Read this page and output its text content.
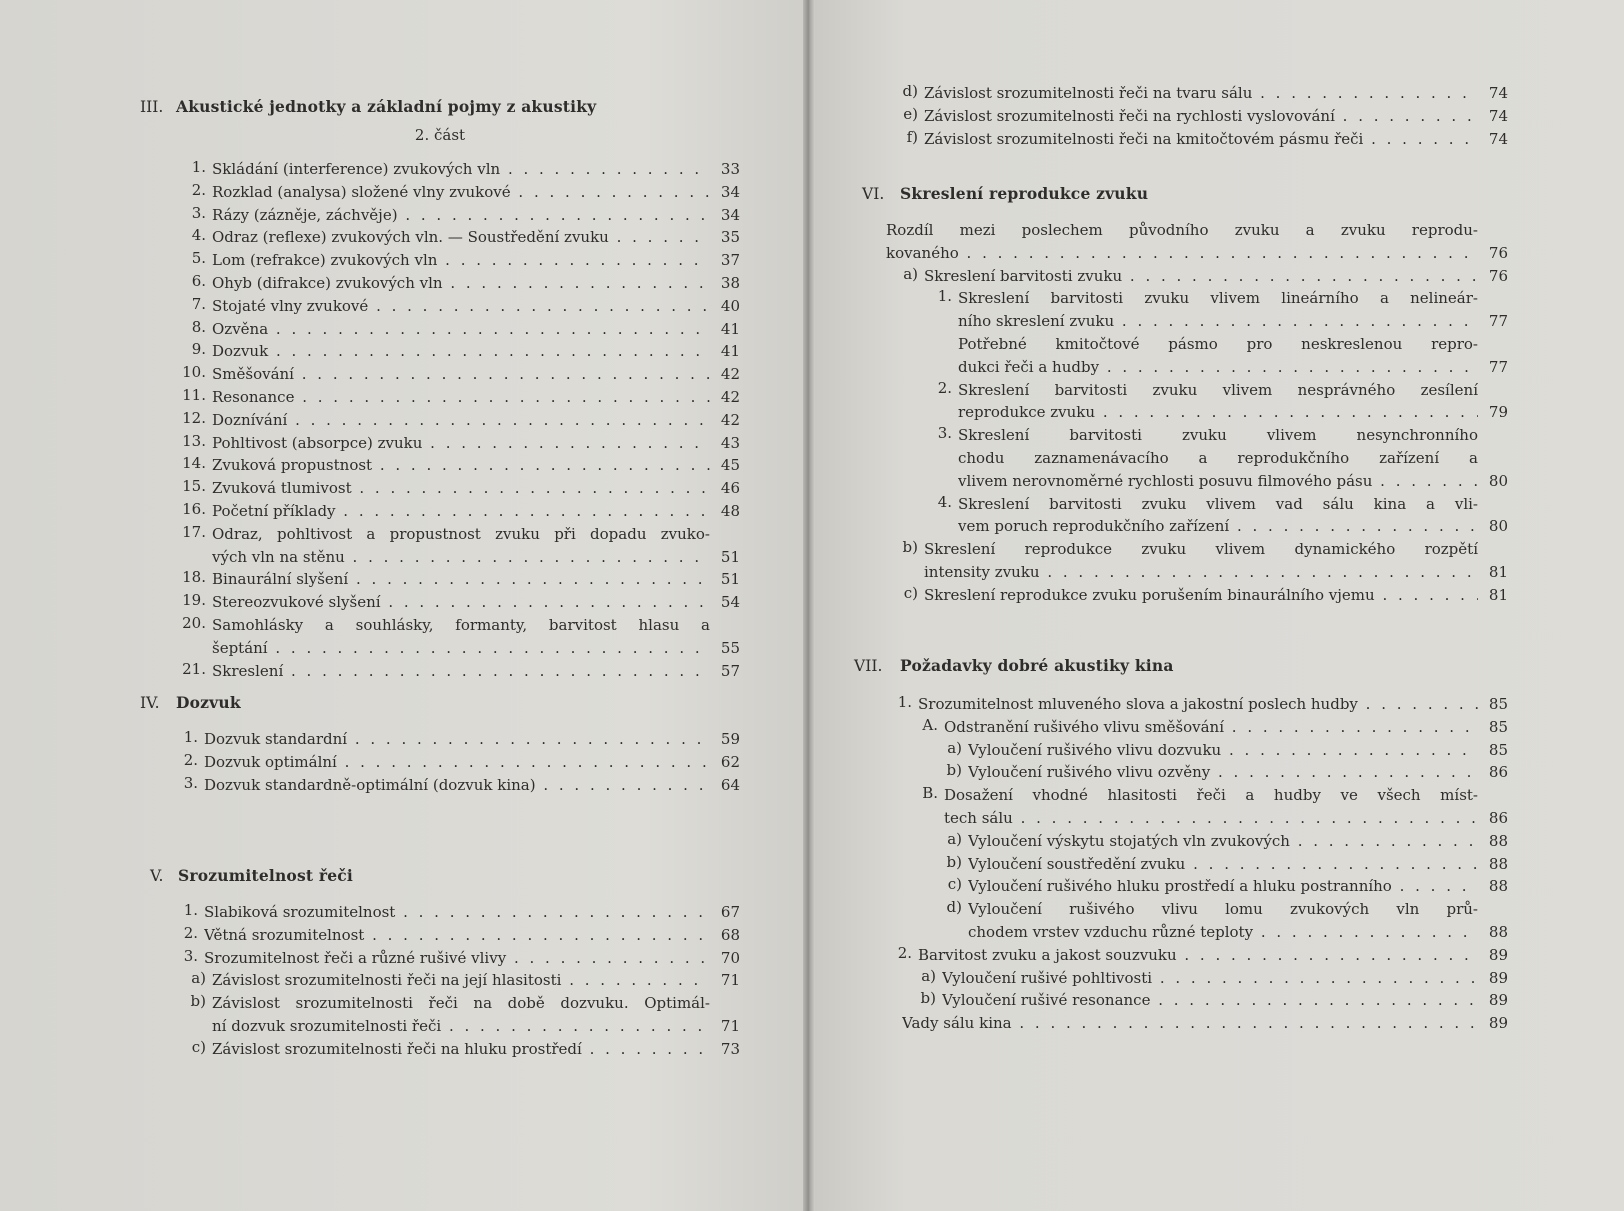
III. Akustické jednotky a základní pojmy z akustiky
2. část
1. Skládání (interference) zvukových vln . . .	33
2. Rozklad (analysa) složené vlny zvukové . . .	34
3. Rázy (zázněje, záchvěje) . . .	34
4. Odraz (reflexe) zvukových vln. — Soustředění zvuku . . .	35
5. Lom (refrakce) zvukových vln . . .	37
6. Ohyb (difrakce) zvukových vln . . .	38
7. Stojaté vlny zvukové . . .	40
8. Ozvěna . . .	41
9. Dozvuk . . .	41
10. Směšování . . .	42
11. Resonance . . .	42
12. Doznívání . . .	42
13. Pohltivost (absorpce) zvuku . . .	43
14. Zvuková propustnost . . .	45
15. Zvuková tlumivost . . .	46
16. Početní příklady . . .	48
17. Odraz, pohltivost a propustnost zvuku při dopadu zvuko-
vých vln na stěnu . . .	51
18. Binaurální slyšení . . .	51
19. Stereozvukové slyšení . . .	54
20. Samohlásky a souhlásky, formanty, barvitost hlasu a
šeptání . . .	55
21. Skreslení . . .	57
IV. Dozvuk
1. Dozvuk standardní . . .	59
2. Dozvuk optimální . . .	62
3. Dozvuk standardně-optimální (dozvuk kina) . . .	64
V. Srozumitelnost řeči
1. Slabiková srozumitelnost . . .	67
2. Větná srozumitelnost . . .	68
3. Srozumitelnost řeči a různé rušivé vlivy . . .	70
a) Závislost srozumitelnosti řeči na její hlasitosti . . .	71
b) Závislost srozumitelnosti řeči na době dozvuku. Optimál-
ní dozvuk srozumitelnosti řeči . . .	71
c) Závislost srozumitelnosti řeči na hluku prostředí . . .	73
d) Závislost srozumitelnosti řeči na tvaru sálu . . .	74
e) Závislost srozumitelnosti řeči na rychlosti vyslovování . . .	74
f) Závislost srozumitelnosti řeči na kmitočtovém pásmu řeči . . .	74
VI. Skreslení reprodukce zvuku
Rozdíl mezi poslechem původního zvuku a zvuku reprodu-
kovaného . . .	76
a) Skreslení barvitosti zvuku . . .	76
1. Skreslení barvitosti zvuku vlivem lineárního a nelineár-
ního skreslení zvuku . . .	77
Potřebné kmitočtové pásmo pro neskreslenou repro-
dukci řeči a hudby . . .	77
2. Skreslení barvitosti zvuku vlivem nesprávného zesílení
reprodukce zvuku . . .	79
3. Skreslení barvitosti zvuku vlivem nesynchronního
chodu zaznamenávacího a reprodukčního zařízení a
vlivem nerovnoměrné rychlosti posuvu filmového pásu . . .	80
4. Skreslení barvitosti zvuku vlivem vad sálu kina a vli-
vem poruch reprodukčního zařízení . . .	80
b) Skreslení reprodukce zvuku vlivem dynamického rozpětí
intensity zvuku . . .	81
c) Skreslení reprodukce zvuku porušením binaurálního vjemu . . .	81
VII. Požadavky dobré akustiky kina
1. Srozumitelnost mluveného slova a jakostní poslech hudby . . .	85
A. Odstranění rušivého vlivu směšování . . .	85
a) Vyloučení rušivého vlivu dozvuku . . .	85
b) Vyloučení rušivého vlivu ozvěny . . .	86
B. Dosažení vhodné hlasitosti řeči a hudby ve všech míst-
tech sálu . . .	86
a) Vyloučení výskytu stojatých vln zvukových . . .	88
b) Vyloučení soustředění zvuku . . .	88
c) Vyloučení rušivého hluku prostředí a hluku postranního . . .	88
d) Vyloučení rušivého vlivu lomu zvukových vln prů-
chodem vrstev vzduchu různé teploty . . .	88
2. Barvitost zvuku a jakost souzvuku . . .	89
a) Vyloučení rušivé pohltivosti . . .	89
b) Vyloučení rušivé resonance . . .	89
Vady sálu kina . . .	89
